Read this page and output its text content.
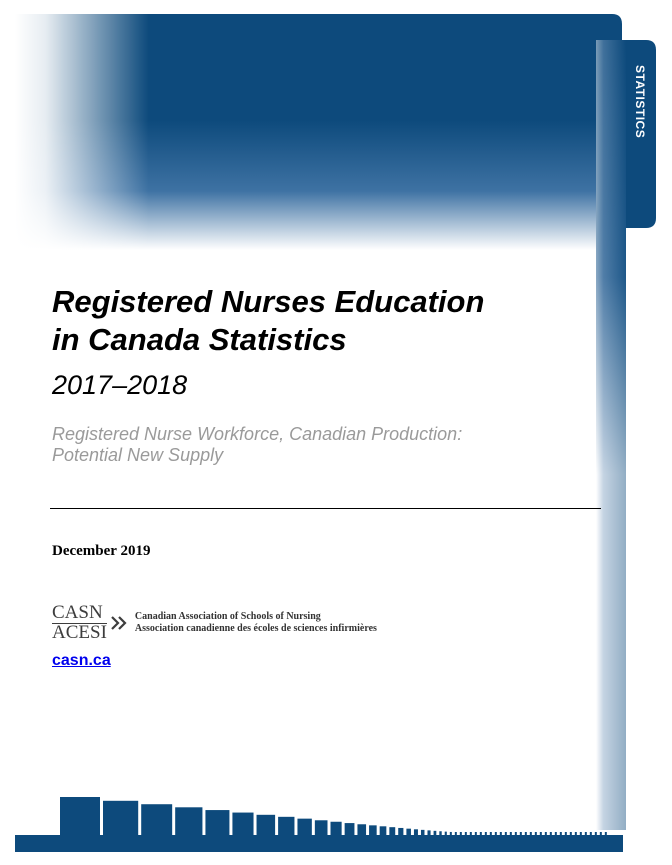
STATISTICS
Registered Nurses Education
in Canada Statistics
2017–2018
Registered Nurse Workforce, Canadian Production:
Potential New Supply
December 2019
CASN
ACESI
Canadian Association of Schools of Nursing
Association canadienne des écoles de sciences infirmières
casn.ca
